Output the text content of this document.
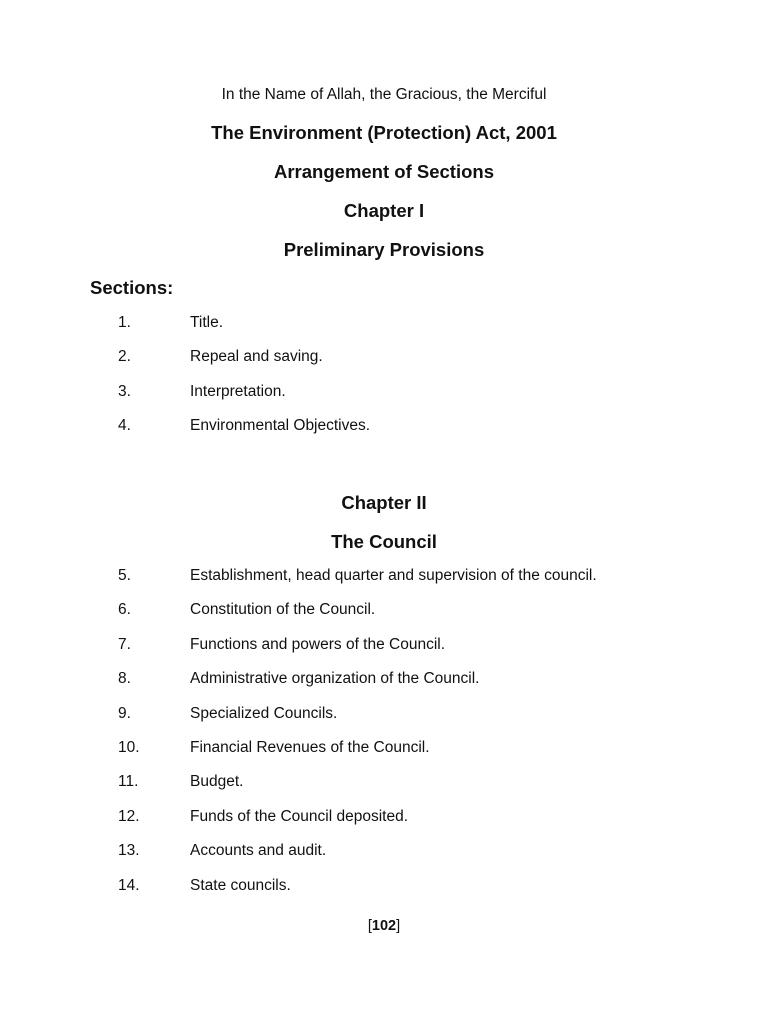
In the Name of Allah, the Gracious, the Merciful
The Environment (Protection) Act, 2001
Arrangement of Sections
Chapter I
Preliminary Provisions
Sections:
1.	Title.
2.	Repeal and saving.
3.	Interpretation.
4.	Environmental Objectives.
Chapter II
The Council
5.	Establishment, head quarter and supervision of the council.
6.	Constitution of the Council.
7.	Functions and powers of the Council.
8.	Administrative organization of the Council.
9.	Specialized Councils.
10.	Financial Revenues of the Council.
11.	Budget.
12.	Funds of the Council deposited.
13.	Accounts and audit.
14.	State councils.
[102]
